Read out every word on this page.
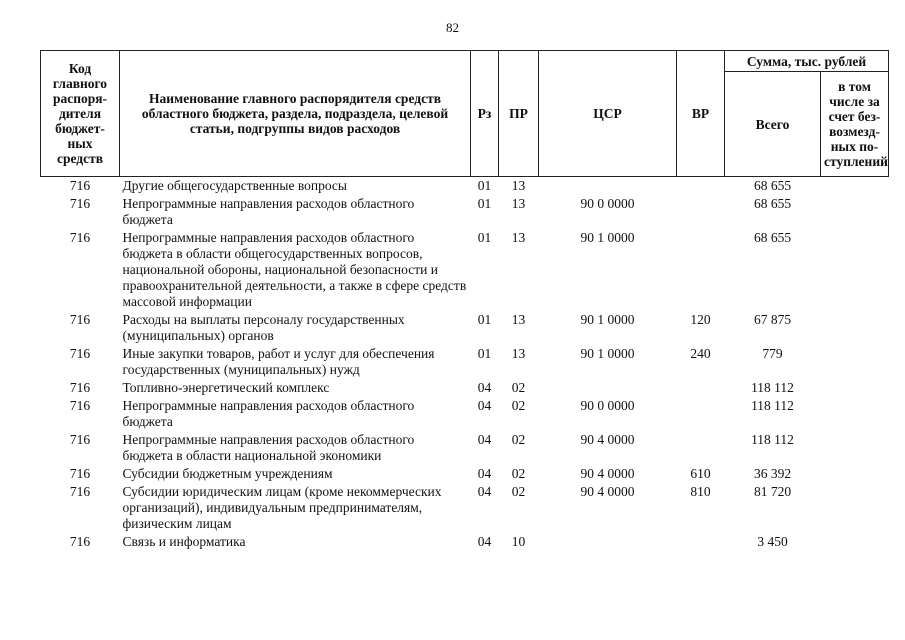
82
Код главного распоря- дителя бюджет- ных средств	Наименование главного распорядителя средств областного бюджета, раздела, подраздела, целевой статьи, подгруппы видов расходов	Рз	ПР	ЦСР	ВР	Сумма, тыс. рублей	
						Всего	в том числе за счет без- возмезд- ных по- ступлений
716	Другие общегосударственные вопросы	01	13			68 655	
716	Непрограммные направления расходов областного бюджета	01	13	90 0 0000		68 655	
716	Непрограммные направления расходов областного бюджета в области общегосударственных вопросов, национальной обороны, национальной безопасности и правоохранительной деятельности, а также в сфере средств массовой информации	01	13	90 1 0000		68 655	
716	Расходы на выплаты персоналу государственных (муниципальных) органов	01	13	90 1 0000	120	67 875	
716	Иные закупки товаров, работ и услуг для обеспечения государственных (муниципальных) нужд	01	13	90 1 0000	240	779	
716	Топливно-энергетический комплекс	04	02			118 112	
716	Непрограммные направления расходов областного бюджета	04	02	90 0 0000		118 112	
716	Непрограммные направления расходов областного бюджета в области национальной экономики	04	02	90 4 0000		118 112	
716	Субсидии бюджетным учреждениям	04	02	90 4 0000	610	36 392	
716	Субсидии юридическим лицам (кроме некоммерческих организаций), индивидуальным предпринимателям, физическим лицам	04	02	90 4 0000	810	81 720	
716	Связь и информатика	04	10			3 450	
